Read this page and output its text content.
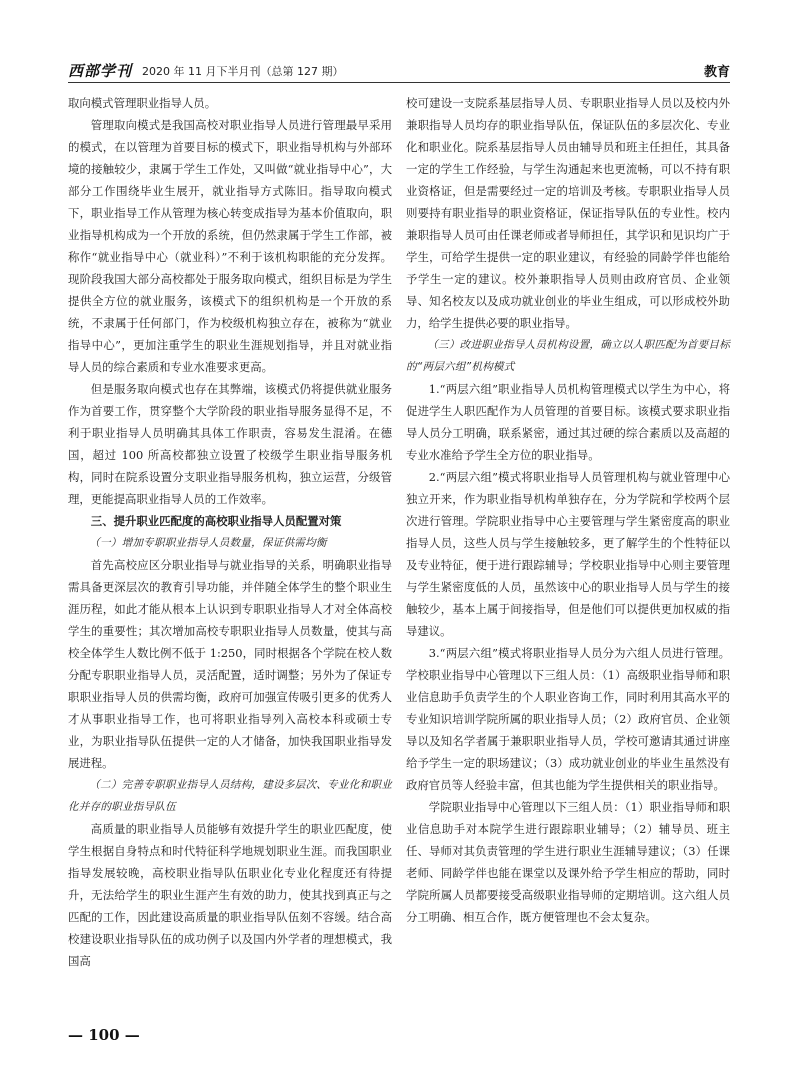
西部学刊 2020 年 11 月下半月刊（总第 127 期）	教育

取向模式管理职业指导人员。

管理取向模式是我国高校对职业指导人员进行管理最早采用的模式，在以管理为首要目标的模式下，职业指导机构与外部环境的接触较少，隶属于学生工作处，又叫做“就业指导中心”，大部分工作围绕毕业生展开，就业指导方式陈旧。指导取向模式下，职业指导工作从管理为核心转变成指导为基本价值取向，职业指导机构成为一个开放的系统，但仍然隶属于学生工作部，被称作“就业指导中心（就业科）”不利于该机构职能的充分发挥。现阶段我国大部分高校都处于服务取向模式，组织目标是为学生提供全方位的就业服务，该模式下的组织机构是一个开放的系统，不隶属于任何部门，作为校级机构独立存在，被称为“就业指导中心”，更加注重学生的职业生涯规划指导，并且对就业指导人员的综合素质和专业水准要求更高。

但是服务取向模式也存在其弊端，该模式仍将提供就业服务作为首要工作，贯穿整个大学阶段的职业指导服务显得不足，不利于职业指导人员明确其具体工作职责，容易发生混淆。在德国，超过 100 所高校都独立设置了校级学生职业指导服务机构，同时在院系设置分支职业指导服务机构，独立运营，分级管理，更能提高职业指导人员的工作效率。

三、提升职业匹配度的高校职业指导人员配置对策
（一）增加专职职业指导人员数量，保证供需均衡

首先高校应区分职业指导与就业指导的关系，明确职业指导需具备更深层次的教育引导功能，并伴随全体学生的整个职业生涯历程，如此才能从根本上认识到专职职业指导人才对全体高校学生的重要性；其次增加高校专职职业指导人员数量，使其与高校全体学生人数比例不低于 1:250，同时根据各个学院在校人数分配专职职业指导人员，灵活配置，适时调整；另外为了保证专职职业指导人员的供需均衡，政府可加强宣传吸引更多的优秀人才从事职业指导工作，也可将职业指导列入高校本科或硕士专业，为职业指导队伍提供一定的人才储备，加快我国职业指导发展进程。

（二）完善专职职业指导人员结构，建设多层次、专业化和职业化并存的职业指导队伍

高质量的职业指导人员能够有效提升学生的职业匹配度，使学生根据自身特点和时代特征科学地规划职业生涯。而我国职业指导发展较晚，高校职业指导队伍职业化专业化程度还有待提升，无法给学生的职业生涯产生有效的助力，使其找到真正与之匹配的工作，因此建设高质量的职业指导队伍刻不容缓。结合高校建设职业指导队伍的成功例子以及国内外学者的理想模式，我国高

校可建设一支院系基层指导人员、专职职业指导人员以及校内外兼职指导人员均存的职业指导队伍，保证队伍的多层次化、专业化和职业化。院系基层指导人员由辅导员和班主任担任，其具备一定的学生工作经验，与学生沟通起来也更流畅，可以不持有职业资格证，但是需要经过一定的培训及考核。专职职业指导人员则要持有职业指导的职业资格证，保证指导队伍的专业性。校内兼职指导人员可由任课老师或者导师担任，其学识和见识均广于学生，可给学生提供一定的职业建议，有经验的同龄学伴也能给予学生一定的建议。校外兼职指导人员则由政府官员、企业领导、知名校友以及成功就业创业的毕业生组成，可以形成校外助力，给学生提供必要的职业指导。

（三）改进职业指导人员机构设置，确立以人职匹配为首要目标的“两层六组”机构模式

1.“两层六组”职业指导人员机构管理模式以学生为中心，将促进学生人职匹配作为人员管理的首要目标。该模式要求职业指导人员分工明确，联系紧密，通过其过硬的综合素质以及高超的专业水准给予学生全方位的职业指导。

2.“两层六组”模式将职业指导人员管理机构与就业管理中心独立开来，作为职业指导机构单独存在，分为学院和学校两个层次进行管理。学院职业指导中心主要管理与学生紧密度高的职业指导人员，这些人员与学生接触较多，更了解学生的个性特征以及专业特征，便于进行跟踪辅导；学校职业指导中心则主要管理与学生紧密度低的人员，虽然该中心的职业指导人员与学生的接触较少，基本上属于间接指导，但是他们可以提供更加权威的指导建议。

3.“两层六组”模式将职业指导人员分为六组人员进行管理。学校职业指导中心管理以下三组人员：（1）高级职业指导师和职业信息助手负责学生的个人职业咨询工作，同时利用其高水平的专业知识培训学院所属的职业指导人员；（2）政府官员、企业领导以及知名学者属于兼职职业指导人员，学校可邀请其通过讲座给予学生一定的职场建议；（3）成功就业创业的毕业生虽然没有政府官员等人经验丰富，但其也能为学生提供相关的职业指导。

学院职业指导中心管理以下三组人员：（1）职业指导师和职业信息助手对本院学生进行跟踪职业辅导；（2）辅导员、班主任、导师对其负责管理的学生进行职业生涯辅导建议；（3）任课老师、同龄学伴也能在课堂以及课外给予学生相应的帮助，同时学院所属人员都要接受高级职业指导师的定期培训。这六组人员分工明确、相互合作，既方便管理也不会太复杂。

— 100 —
